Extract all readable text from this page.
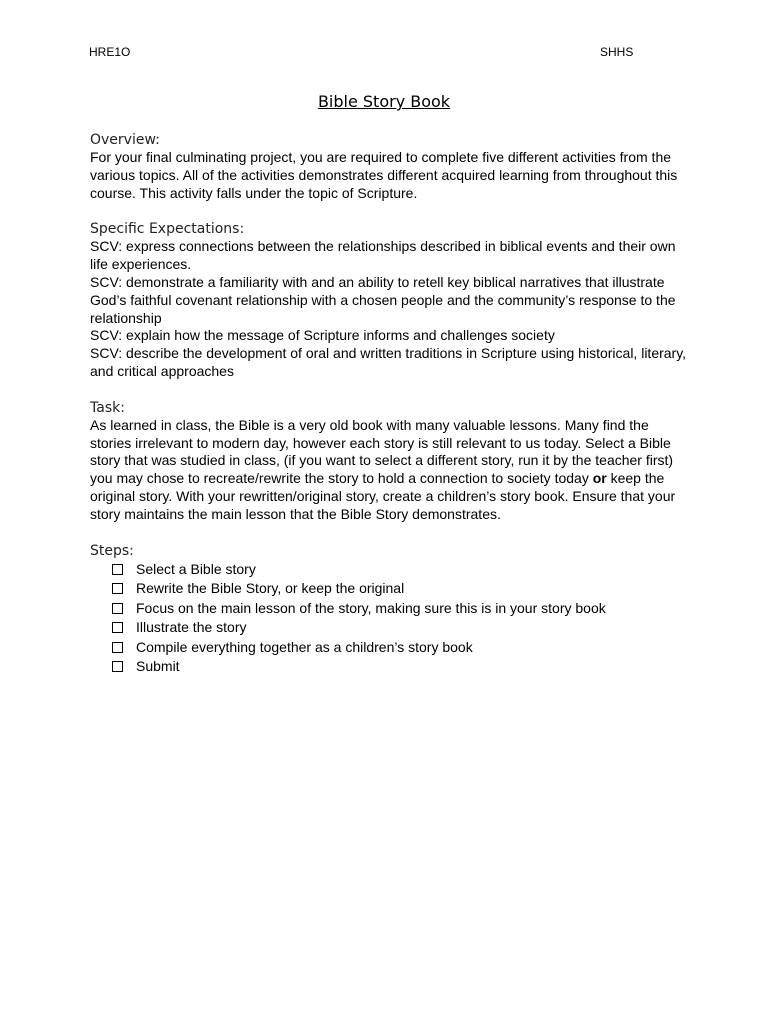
HRE1O	SHHS
Bible Story Book
Overview:
For your final culminating project, you are required to complete five different activities from the various topics. All of the activities demonstrates different acquired learning from throughout this course. This activity falls under the topic of Scripture.
Specific Expectations:
SCV: express connections between the relationships described in biblical events and their own life experiences.
SCV: demonstrate a familiarity with and an ability to retell key biblical narratives that illustrate God’s faithful covenant relationship with a chosen people and the community’s response to the relationship
SCV: explain how the message of Scripture informs and challenges society
SCV: describe the development of oral and written traditions in Scripture using historical, literary, and critical approaches
Task:
As learned in class, the Bible is a very old book with many valuable lessons. Many find the stories irrelevant to modern day, however each story is still relevant to us today. Select a Bible story that was studied in class, (if you want to select a different story, run it by the teacher first) you may chose to recreate/rewrite the story to hold a connection to society today or keep the original story. With your rewritten/original story, create a children’s story book. Ensure that your story maintains the main lesson that the Bible Story demonstrates.
Steps:
Select a Bible story
Rewrite the Bible Story, or keep the original
Focus on the main lesson of the story, making sure this is in your story book
Illustrate the story
Compile everything together as a children’s story book
Submit
